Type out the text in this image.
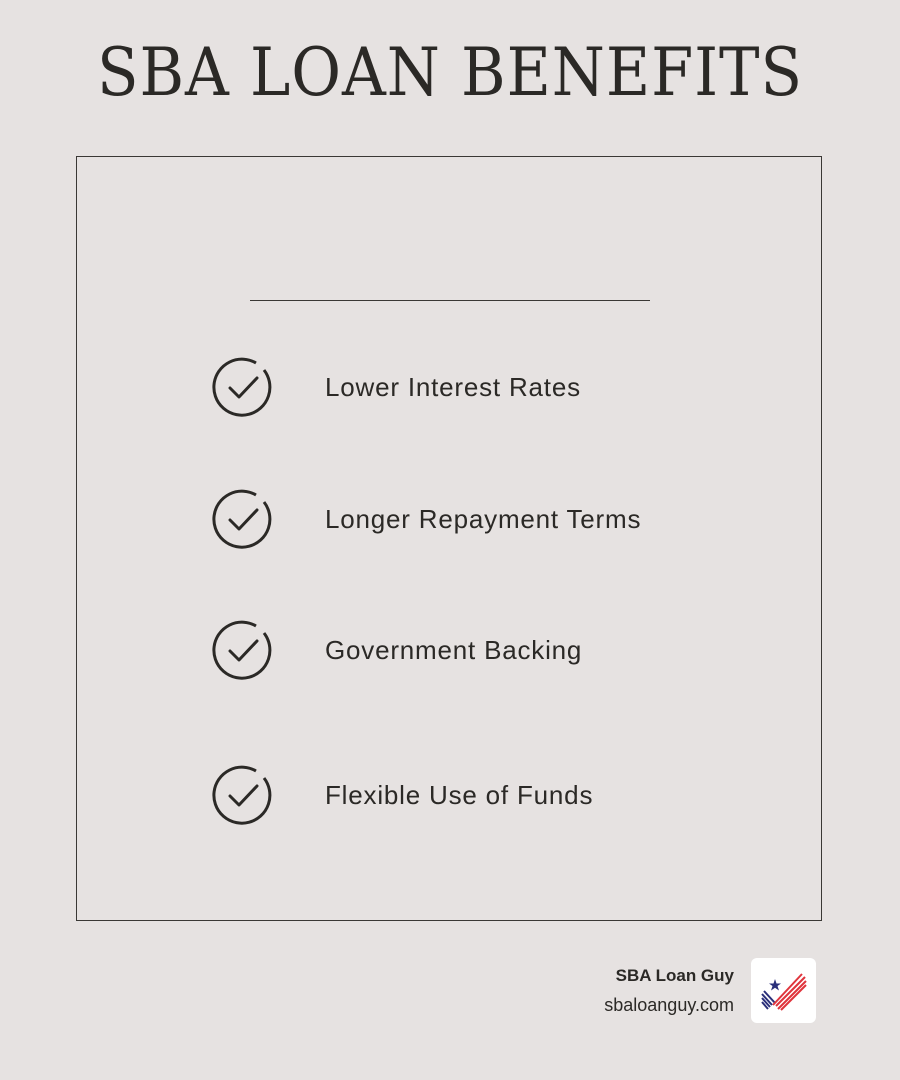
SBA LOAN BENEFITS
Lower Interest Rates
Longer Repayment Terms
Government Backing
Flexible Use of Funds
SBA Loan Guy
sbaloanguy.com
